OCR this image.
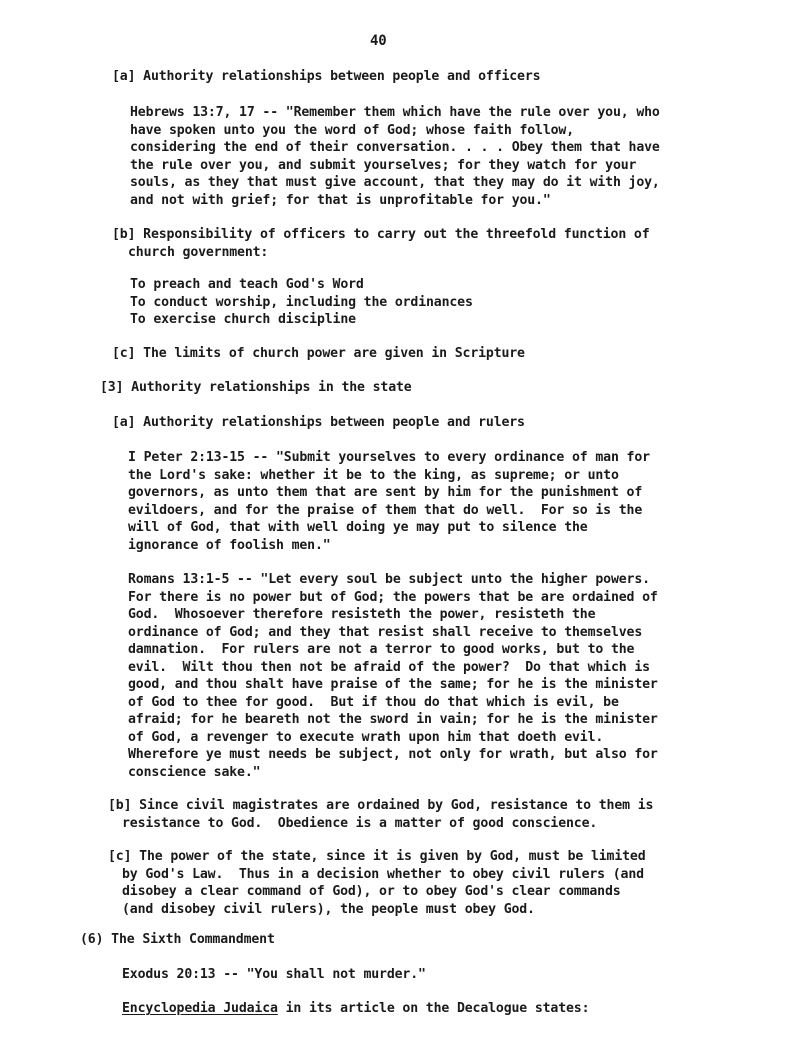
40
[a] Authority relationships between people and officers
Hebrews 13:7, 17 -- "Remember them which have the rule over you, who
have spoken unto you the word of God; whose faith follow,
considering the end of their conversation. . . . Obey them that have
the rule over you, and submit yourselves; for they watch for your
souls, as they that must give account, that they may do it with joy,
and not with grief; for that is unprofitable for you."
[b] Responsibility of officers to carry out the threefold function of
church government:
To preach and teach God's Word
To conduct worship, including the ordinances
To exercise church discipline
[c] The limits of church power are given in Scripture
[3] Authority relationships in the state
[a] Authority relationships between people and rulers
I Peter 2:13-15 -- "Submit yourselves to every ordinance of man for
the Lord's sake: whether it be to the king, as supreme; or unto
governors, as unto them that are sent by him for the punishment of
evildoers, and for the praise of them that do well.  For so is the
will of God, that with well doing ye may put to silence the
ignorance of foolish men."
Romans 13:1-5 -- "Let every soul be subject unto the higher powers.
For there is no power but of God; the powers that be are ordained of
God.  Whosoever therefore resisteth the power, resisteth the
ordinance of God; and they that resist shall receive to themselves
damnation.  For rulers are not a terror to good works, but to the
evil.  Wilt thou then not be afraid of the power?  Do that which is
good, and thou shalt have praise of the same; for he is the minister
of God to thee for good.  But if thou do that which is evil, be
afraid; for he beareth not the sword in vain; for he is the minister
of God, a revenger to execute wrath upon him that doeth evil.
Wherefore ye must needs be subject, not only for wrath, but also for
conscience sake."
[b] Since civil magistrates are ordained by God, resistance to them is
resistance to God.  Obedience is a matter of good conscience.
[c] The power of the state, since it is given by God, must be limited
by God's Law.  Thus in a decision whether to obey civil rulers (and
disobey a clear command of God), or to obey God's clear commands
(and disobey civil rulers), the people must obey God.
(6) The Sixth Commandment
Exodus 20:13 -- "You shall not murder."
Encyclopedia Judaica in its article on the Decalogue states:
